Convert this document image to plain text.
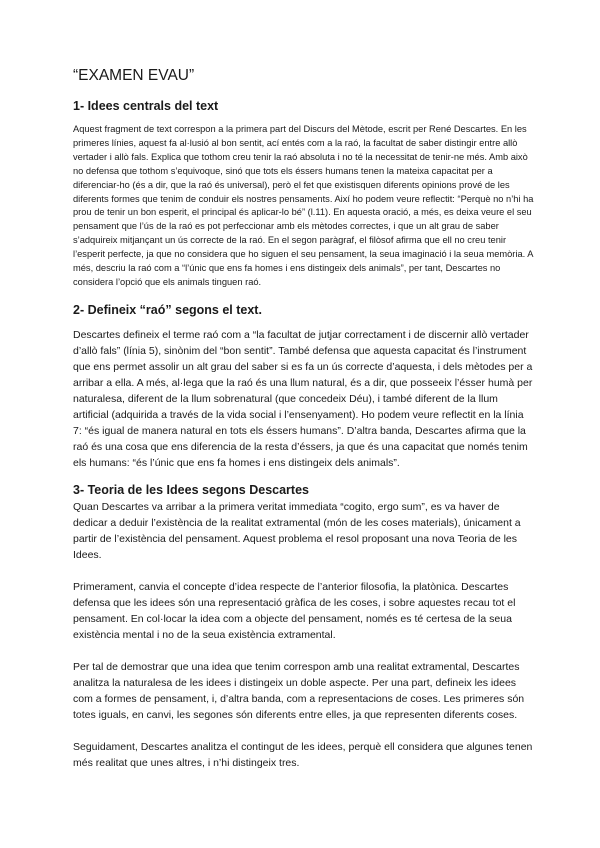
“EXAMEN EVAU”
1- Idees centrals del text

Aquest fragment de text correspon a la primera part del Discurs del Mètode, escrit per René Descartes. En les primeres línies, aquest fa al·lusió al bon sentit, ací entés com a la raó, la facultat de saber distingir entre allò vertader i allò fals. Explica que tothom creu tenir la raó absoluta i no té la necessitat de tenir-ne més. Amb això no defensa que tothom s’equivoque, sinó que tots els éssers humans tenen la mateixa capacitat per a diferenciar-ho (és a dir, que la raó és universal), però el fet que existisquen diferents opinions prové de les diferents formes que tenim de conduir els nostres pensaments. Així ho podem veure reflectit: “Perquè no n’hi ha prou de tenir un bon esperit, el principal és aplicar-lo bé” (l.11). En aquesta oració, a més, es deixa veure el seu pensament que l’ús de la raó es pot perfeccionar amb els mètodes correctes, i que un alt grau de saber s’adquireix mitjançant un ús correcte de la raó. En el segon paràgraf, el filòsof afirma que ell no creu tenir l’esperit perfecte, ja que no considera que ho siguen el seu pensament, la seua imaginació i la seua memòria. A més, descriu la raó com a “l’únic que ens fa homes i ens distingeix dels animals”, per tant, Descartes no considera l’opció que els animals tinguen raó.

2- Defineix “raó” segons el text.

Descartes defineix el terme raó com a “la facultat de jutjar correctament i de discernir allò vertader d’allò fals” (línia 5), sinònim del “bon sentit”. També defensa que aquesta capacitat és l’instrument que ens permet assolir un alt grau del saber si es fa un ús correcte d’aquesta, i dels mètodes per a arribar a ella. A més, al·lega que la raó és una llum natural, és a dir, que posseeix l’ésser humà per naturalesa, diferent de la llum sobrenatural (que concedeix Déu), i també diferent de la llum artificial (adquirida a través de la vida social i l’ensenyament). Ho podem veure reflectit en la línia 7: “és igual de manera natural en tots els éssers humans”. D’altra banda, Descartes afirma que la raó és una cosa que ens diferencia de la resta d’éssers, ja que és una capacitat que només tenim els humans: “és l’únic que ens fa homes i ens distingeix dels animals”.

3- Teoria de les Idees segons Descartes

Quan Descartes va arribar a la primera veritat immediata “cogito, ergo sum”, es va haver de dedicar a deduir l’existència de la realitat extramental (món de les coses materials), únicament a partir de l’existència del pensament. Aquest problema el resol proposant una nova Teoria de les Idees.

Primerament, canvia el concepte d’idea respecte de l’anterior filosofia, la platònica. Descartes defensa que les idees són una representació gràfica de les coses, i sobre aquestes recau tot el pensament. En col·locar la idea com a objecte del pensament, només es té certesa de la seua existència mental i no de la seua existència extramental.

Per tal de demostrar que una idea que tenim correspon amb una realitat extramental, Descartes analitza la naturalesa de les idees i distingeix un doble aspecte. Per una part, defineix les idees com a formes de pensament, i, d’altra banda, com a representacions de coses. Les primeres són totes iguals, en canvi, les segones són diferents entre elles, ja que representen diferents coses.

Seguidament, Descartes analitza el contingut de les idees, perquè ell considera que algunes tenen més realitat que unes altres, i n’hi distingeix tres.
